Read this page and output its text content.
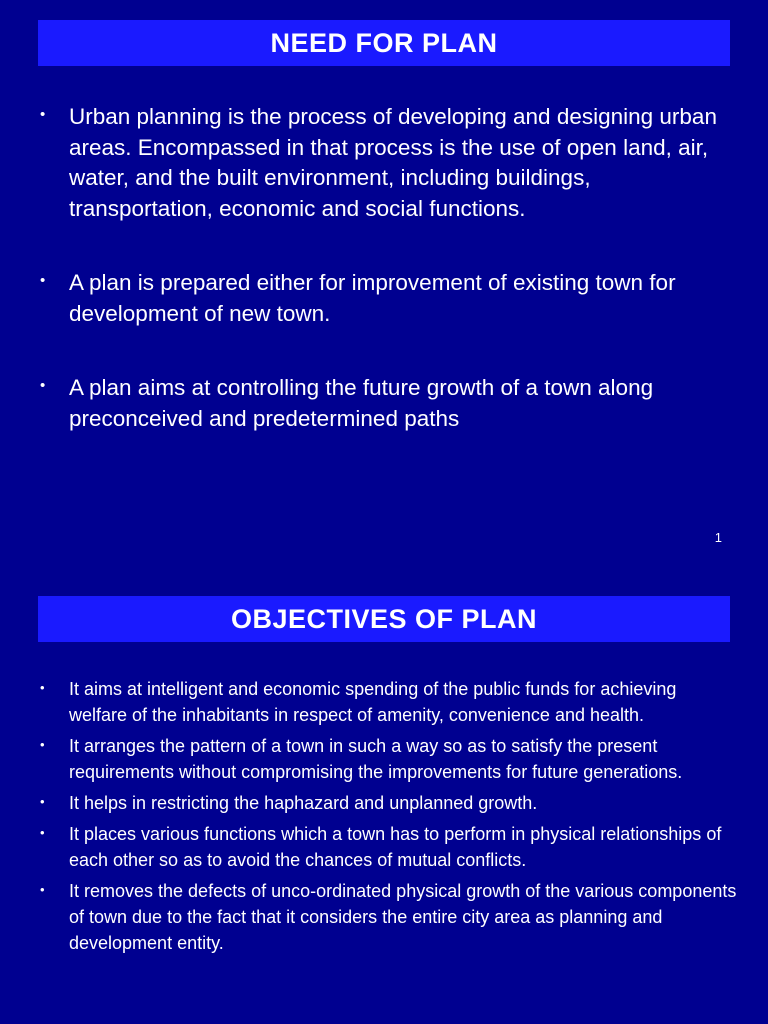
NEED FOR PLAN
• Urban planning is the process of developing and designing urban areas. Encompassed in that process is the use of open land, air, water, and the built environment, including buildings, transportation, economic and social functions.
• A plan is prepared either for improvement of existing town for development of new town.
• A plan aims at controlling the future growth of a town along preconceived and predetermined paths
1
OBJECTIVES OF PLAN
• It aims at intelligent and economic spending of the public funds for achieving welfare of the inhabitants in respect of amenity, convenience and health.
• It arranges the pattern of a town in such a way so as to satisfy the present requirements without compromising the improvements for future generations.
• It helps in restricting the haphazard and unplanned growth.
• It places various functions which a town has to perform in physical relationships of each other so as to avoid the chances of mutual conflicts.
• It removes the defects of unco-ordinated physical growth of the various components of town due to the fact that it considers the entire city area as planning and development entity.
